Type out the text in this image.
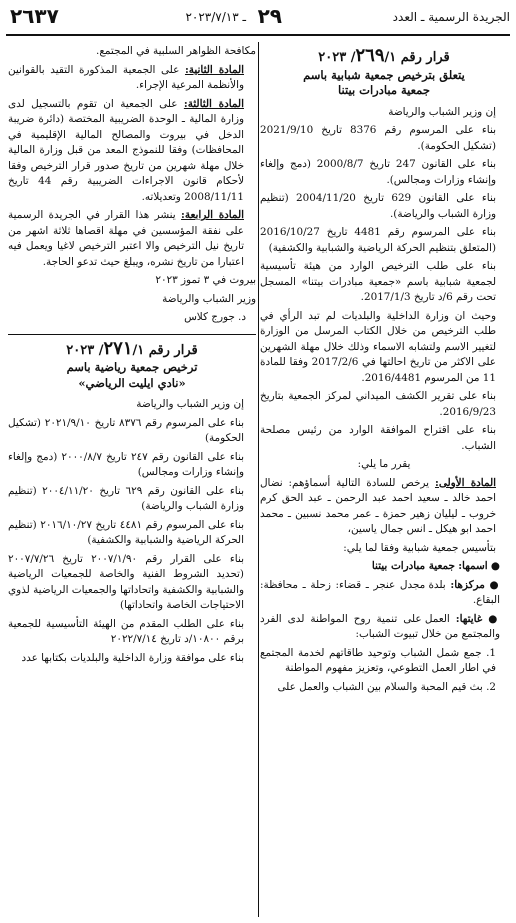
الجريدة الرسمية ـ العدد
٢٩
ـ ٢٠٢٣/٧/١٣
٢٦٣٧
قرار رقم ٢٦٩/١/ ٢٠٢٣
يتعلق بترخيص جمعية شبابية باسم
جمعية مبادرات بيتنا

إن وزير الشباب والرياضة

بناء على المرسوم رقم 8376 تاريخ 2021/9/10 (تشكيل الحكومة).

بناء على القانون 247 تاريخ 2000/8/7 (دمج وإلغاء وإنشاء وزارات ومجالس).

بناء على القانون 629 تاريخ 2004/11/20 (تنظيم وزارة الشباب والرياضة).

بناء على المرسوم رقم 4481 تاريخ 2016/10/27 (المتعلق بتنظيم الحركة الرياضية والشبابية والكشفية)

بناء على طلب الترخيص الوارد من هيئة تأسيسية لجمعية شبابية باسم «جمعية مبادرات بيتنا» المسجل تحت رقم 6/د تاريخ 2017/1/3.

وحيث ان وزارة الداخلية والبلديات لم تبد الرأي في طلب الترخيص من خلال الكتاب المرسل من الوزارة لتغيير الاسم ولتشابه الاسماء وذلك خلال مهلة الشهرين على الاكثر من تاريخ احالتها في 2017/2/6 وفقا للمادة 11 من المرسوم 2016/4481.

بناء على تقرير الكشف الميداني لمركز الجمعية بتاريخ 2016/9/23.

بناء على اقتراح الموافقة الوارد من رئيس مصلحة الشباب.

يقرر ما يلي:

المادة الأولى: يرخص للسادة التالية أسماؤهم: نضال احمد خالد ـ سعيد احمد عبد الرحمن ـ عبد الحق كرم خروب ـ ليليان زهير حمزة ـ عمر محمد نسبين ـ محمد احمد ابو هيكل ـ انس جمال ياسين،

بتأسيس جمعية شبابية وفقا لما يلي:

● اسمها: جمعية مبادرات بيتنا

● مركزها: بلدة مجدل عنجر ـ قضاء: زحلة ـ محافظة: البقاع.

● غايتها: العمل على تنمية روح المواطنة لدى الفرد والمجتمع من خلال تبيوت الشباب:

1. جمع شمل الشباب وتوحيد طاقاتهم لخدمة المجتمع في اطار العمل التطوعي، وتعزيز مفهوم المواطنة

2. بث قيم المحبة والسلام بين الشباب والعمل على

مكافحة الظواهر السلبية في المجتمع.

المادة الثانية: على الجمعية المذكورة التقيد بالقوانين والأنظمة المرعية الإجراء.

المادة الثالثة: على الجمعية ان تقوم بالتسجيل لدى وزارة المالية ـ الوحدة الضريبية المختصة (دائرة ضريبة الدخل في بيروت والمصالح المالية الإقليمية في المحافظات) وفقا للنموذج المعد من قبل وزارة المالية خلال مهلة شهرين من تاريخ صدور قرار الترخيص وفقا لأحكام قانون الاجراءات الضريبية رقم 44 تاريخ 2008/11/11 وتعديلاته.

المادة الرابعة: ينشر هذا القرار في الجريدة الرسمية على نفقة المؤسسين في مهلة اقصاها ثلاثة اشهر من تاريخ نيل الترخيص والا اعتبر الترخيص لاغيا ويعمل فيه اعتبارا من تاريخ نشره، ويبلغ حيث تدعو الحاجة.

بيروت في ٣ تموز ٢٠٢٣

وزير الشباب والرياضة

د. جورج كلاس

قرار رقم ٢٧١/١/ ٢٠٢٣
ترخيص جمعية رياضية باسم
«نادي ايليت الرياضي»

إن وزير الشباب والرياضة

بناء على المرسوم رقم ٨٣٧٦ تاريخ ٢٠٢١/٩/١٠ (تشكيل الحكومة)

بناء على القانون رقم ٢٤٧ تاريخ ٢٠٠٠/٨/٧ (دمج وإلغاء وإنشاء وزارات ومجالس)

بناء على القانون رقم ٦٢٩ تاريخ ٢٠٠٤/١١/٢٠ (تنظيم وزارة الشباب والرياضة)

بناء على المرسوم رقم ٤٤٨١ تاريخ ٢٠١٦/١٠/٢٧ (تنظيم الحركة الرياضية والشبابية والكشفية)

بناء على القرار رقم ٢٠٠٧/١/٩٠ تاريخ ٢٠٠٧/٧/٢٦ (تحديد الشروط الفنية والخاصة للجمعيات الرياضية والشبابية والكشفية واتحاداتها والجمعيات الرياضية لذوي الاحتياجات الخاصة واتحاداتها)

بناء على الطلب المقدم من الهيئة التأسيسية للجمعية برقم ١٠٨٠٠/د تاريخ ٢٠٢٢/٧/١٤

بناء على موافقة وزارة الداخلية والبلديات بكتابها عدد
